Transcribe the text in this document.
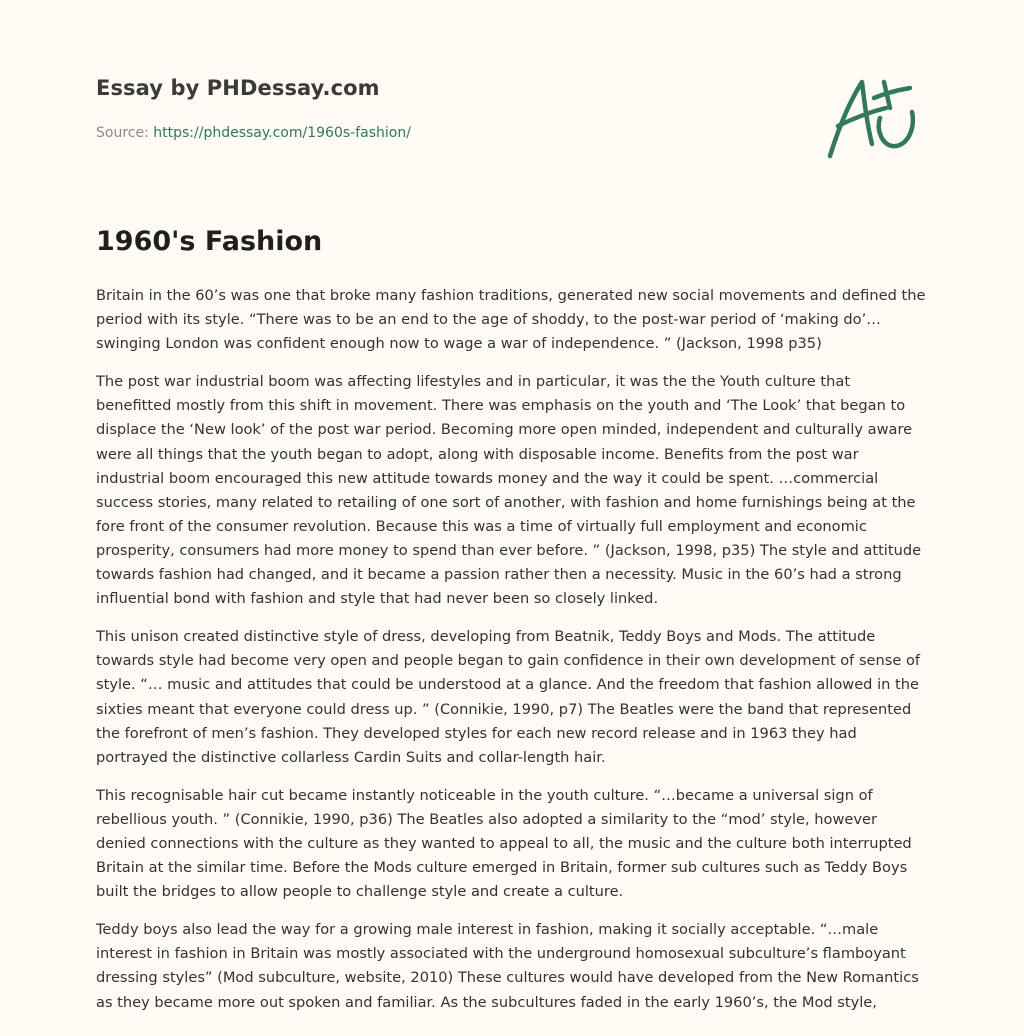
Essay by PHDessay.com
Source: https://phdessay.com/1960s-fashion/
1960's Fashion

Britain in the 60’s was one that broke many fashion traditions, generated new social movements and defined the period with its style. “There was to be an end to the age of shoddy, to the post-war period of ‘making do’… swinging London was confident enough now to wage a war of independence. ” (Jackson, 1998 p35)

The post war industrial boom was affecting lifestyles and in particular, it was the the Youth culture that benefitted mostly from this shift in movement. There was emphasis on the youth and ‘The Look’ that began to displace the ‘New look’ of the post war period. Becoming more open minded, independent and culturally aware were all things that the youth began to adopt, along with disposable income. Benefits from the post war industrial boom encouraged this new attitude towards money and the way it could be spent. …commercial success stories, many related to retailing of one sort of another, with fashion and home furnishings being at the fore front of the consumer revolution. Because this was a time of virtually full employment and economic prosperity, consumers had more money to spend than ever before. ” (Jackson, 1998, p35) The style and attitude towards fashion had changed, and it became a passion rather then a necessity. Music in the 60’s had a strong influential bond with fashion and style that had never been so closely linked.

This unison created distinctive style of dress, developing from Beatnik, Teddy Boys and Mods. The attitude towards style had become very open and people began to gain confidence in their own development of sense of style. “… music and attitudes that could be understood at a glance. And the freedom that fashion allowed in the sixties meant that everyone could dress up. ” (Connikie, 1990, p7) The Beatles were the band that represented the forefront of men’s fashion. They developed styles for each new record release and in 1963 they had portrayed the distinctive collarless Cardin Suits and collar-length hair.

This recognisable hair cut became instantly noticeable in the youth culture. “…became a universal sign of rebellious youth. ” (Connikie, 1990, p36) The Beatles also adopted a similarity to the “mod’ style, however denied connections with the culture as they wanted to appeal to all, the music and the culture both interrupted Britain at the similar time. Before the Mods culture emerged in Britain, former sub cultures such as Teddy Boys built the bridges to allow people to challenge style and create a culture.

Teddy boys also lead the way for a growing male interest in fashion, making it socially acceptable. “…male interest in fashion in Britain was mostly associated with the underground homosexual subculture’s flamboyant dressing styles” (Mod subculture, website, 2010) These cultures would have developed from the New Romantics as they became more out spoken and familiar. As the subcultures faded in the early 1960’s, the Mod style,
